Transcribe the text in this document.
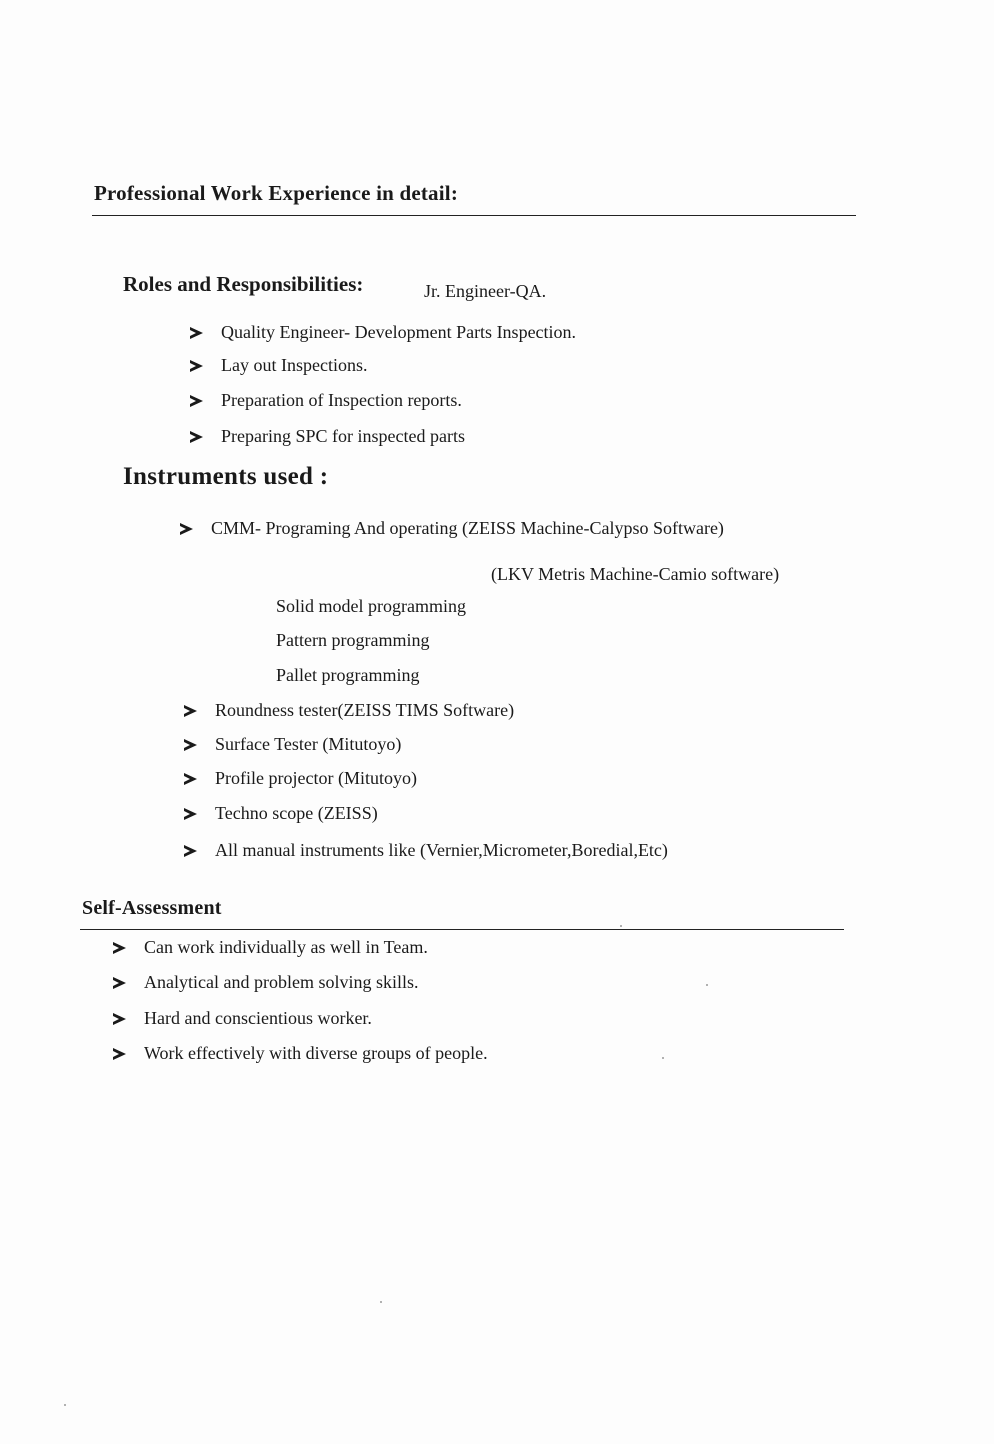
Professional Work Experience in detail:
Roles and Responsibilities:	Jr. Engineer-QA.
Quality Engineer- Development Parts Inspection.
Lay out Inspections.
Preparation of Inspection reports.
Preparing SPC for inspected parts
Instruments used :
CMM- Programing And operating (ZEISS Machine-Calypso Software)
(LKV Metris Machine-Camio software)
Solid model programming
Pattern programming
Pallet programming
Roundness tester(ZEISS TIMS Software)
Surface Tester (Mitutoyo)
Profile projector (Mitutoyo)
Techno scope (ZEISS)
All manual instruments like (Vernier,Micrometer,Boredial,Etc)
Self-Assessment
Can work individually as well in Team.
Analytical and problem solving skills.
Hard and conscientious worker.
Work effectively with diverse groups of people.
